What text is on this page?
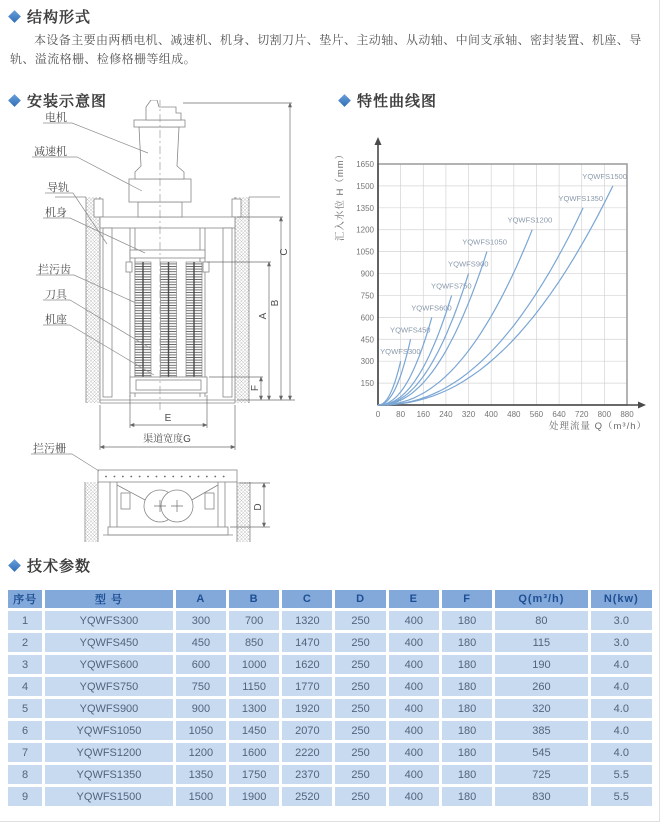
结构形式
本设备主要由两栖电机、减速机、机身、切割刀片、垫片、主动轴、从动轴、中间支承轴、密封装置、机座、导轨、溢流格栅、检修格栅等组成。
安装示意图	特性曲线图
技术参数
C
B
A
F
E
渠道宽度G
D
电机
减速机
导轨
机身
拦污齿
刀具
机座
拦污栅
0 80 160 240 320 400 480 560 640 720 800 880
150
300
450
600
750
900
1050
1200
1350
1500
1650
YQWFS300
YQWFS450
YQWFS600
YQWFS750
YQWFS900
YQWFS1050
YQWFS1200
YQWFS1350
YQWFS1500
汇入水位 H（mm）
处理流量 Q（m³/h）
序号	型 号	A	B	C	D	E	F	Q(m³/h)	N(kw)
1	YQWFS300	300	700	1320	250	400	180	80	3.0
2	YQWFS450	450	850	1470	250	400	180	115	3.0
3	YQWFS600	600	1000	1620	250	400	180	190	4.0
4	YQWFS750	750	1150	1770	250	400	180	260	4.0
5	YQWFS900	900	1300	1920	250	400	180	320	4.0
6	YQWFS1050	1050	1450	2070	250	400	180	385	4.0
7	YQWFS1200	1200	1600	2220	250	400	180	545	4.0
8	YQWFS1350	1350	1750	2370	250	400	180	725	5.5
9	YQWFS1500	1500	1900	2520	250	400	180	830	5.5
